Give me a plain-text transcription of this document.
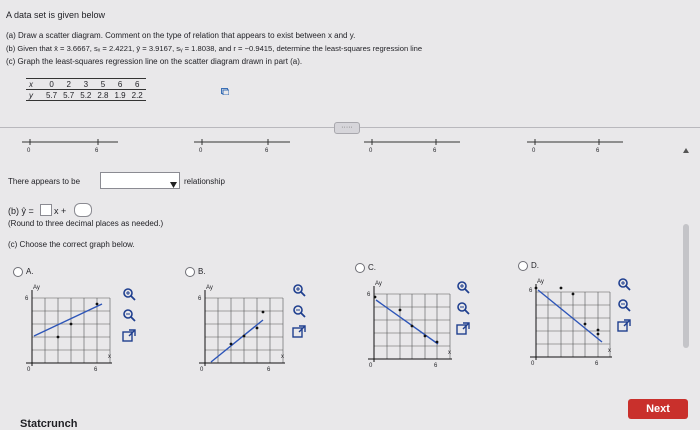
A data set is given below
(a) Draw a scatter diagram. Comment on the type of relation that appears to exist between x and y.
(b) Given that x̄ = 3.6667, sₓ = 2.4221, ȳ = 3.9167, sᵧ = 1.8038, and r = −0.9415, determine the least-squares regression line
(c) Graph the least-squares regression line on the scatter diagram drawn in part (a).
x	0	2	3	5	6	6
y	5.7	5.7	5.2	2.8	1.9	2.2
·····
0	6	0	6	0	6	0	6
There appears to be	relationship
(b) ŷ = x +
(Round to three decimal places as needed.)
(c) Choose the correct graph below.
A.
Ay
6
0	6
x
B.
Ay
6
0	6
x
C.
Ay
6
0	6
x
D.
Ay
6
0	6
x
Statcrunch
Next
